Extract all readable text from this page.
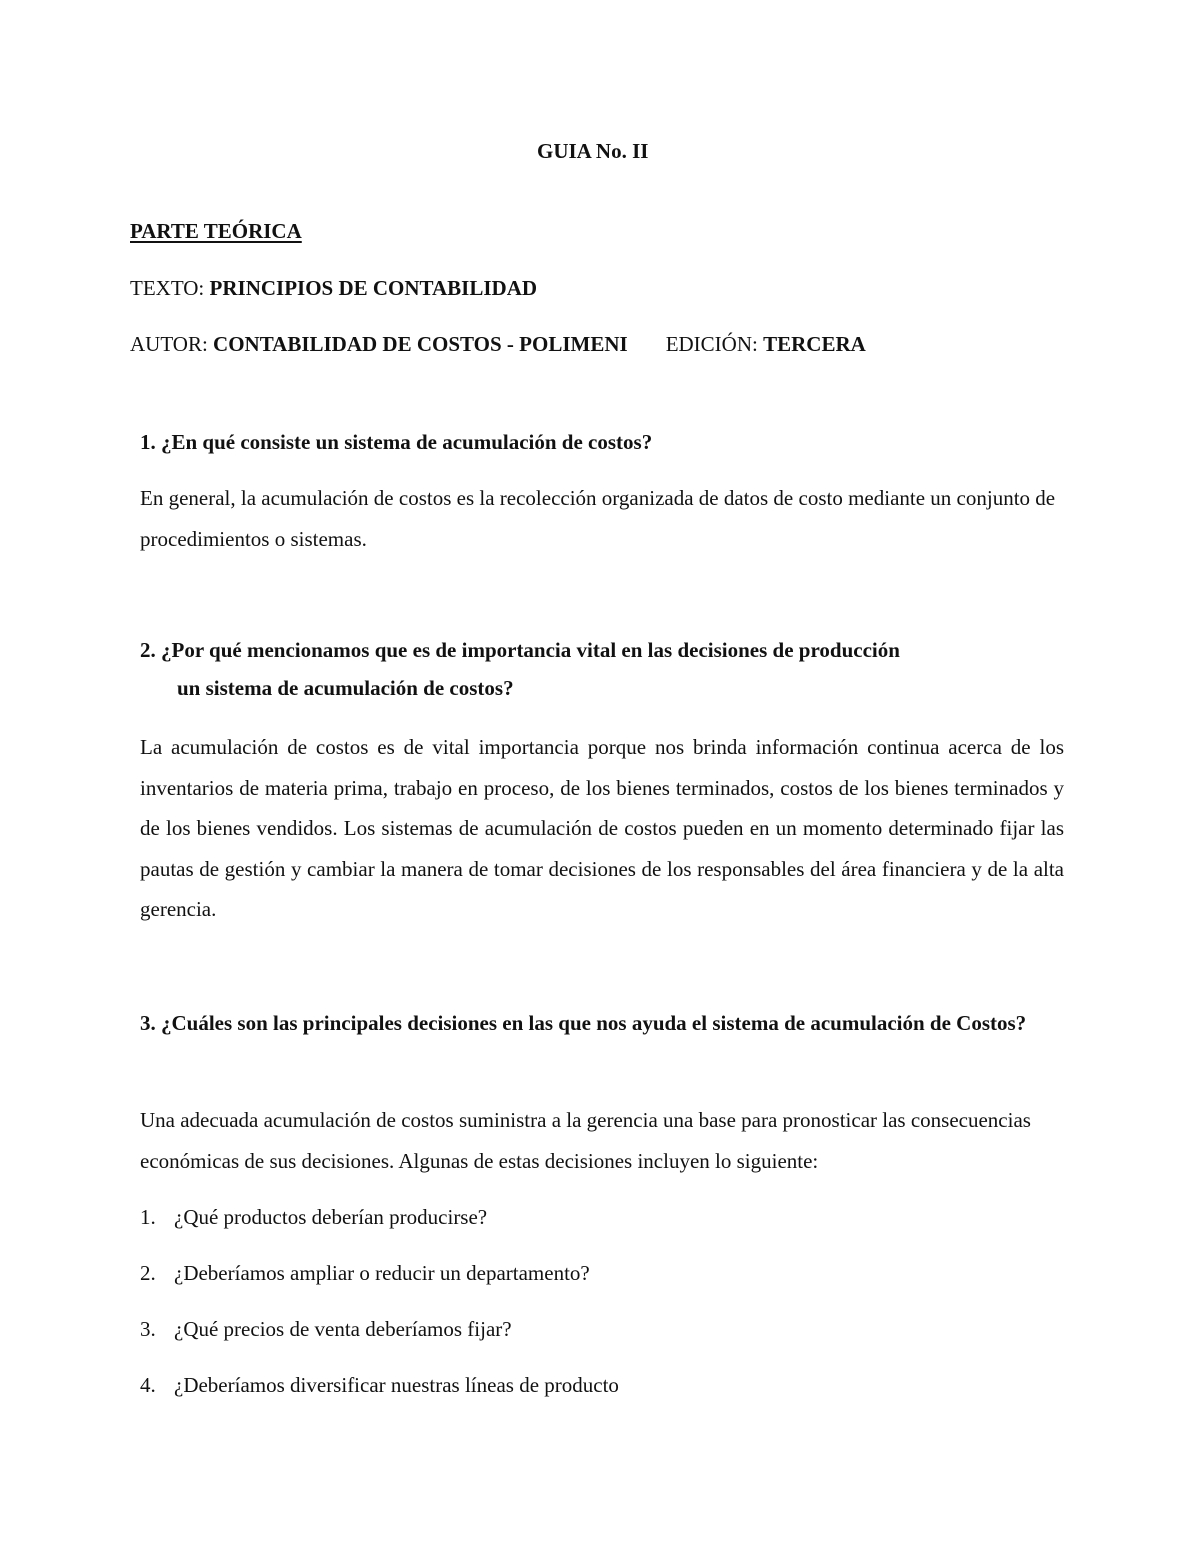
GUIA No. II
PARTE TEÓRICA
TEXTO: PRINCIPIOS DE CONTABILIDAD
AUTOR: CONTABILIDAD DE COSTOS - POLIMENI EDICIÓN: TERCERA
1. ¿En qué consiste un sistema de acumulación de costos?
En general, la acumulación de costos es la recolección organizada de datos de costo mediante un conjunto de procedimientos o sistemas.
2. ¿Por qué mencionamos que es de importancia vital en las decisiones de producción
un sistema de acumulación de costos?
La acumulación de costos es de vital importancia porque nos brinda información continua acerca de los inventarios de materia prima, trabajo en proceso, de los bienes terminados, costos de los bienes terminados y de los bienes vendidos. Los sistemas de acumulación de costos pueden en un momento determinado fijar las pautas de gestión y cambiar la manera de tomar decisiones de los responsables del área financiera y de la alta gerencia.
3. ¿Cuáles son las principales decisiones en las que nos ayuda el sistema de acumulación de Costos?
Una adecuada acumulación de costos suministra a la gerencia una base para pronosticar las consecuencias económicas de sus decisiones. Algunas de estas decisiones incluyen lo siguiente:
1. ¿Qué productos deberían producirse?
2. ¿Deberíamos ampliar o reducir un departamento?
3. ¿Qué precios de venta deberíamos fijar?
4. ¿Deberíamos diversificar nuestras líneas de producto
